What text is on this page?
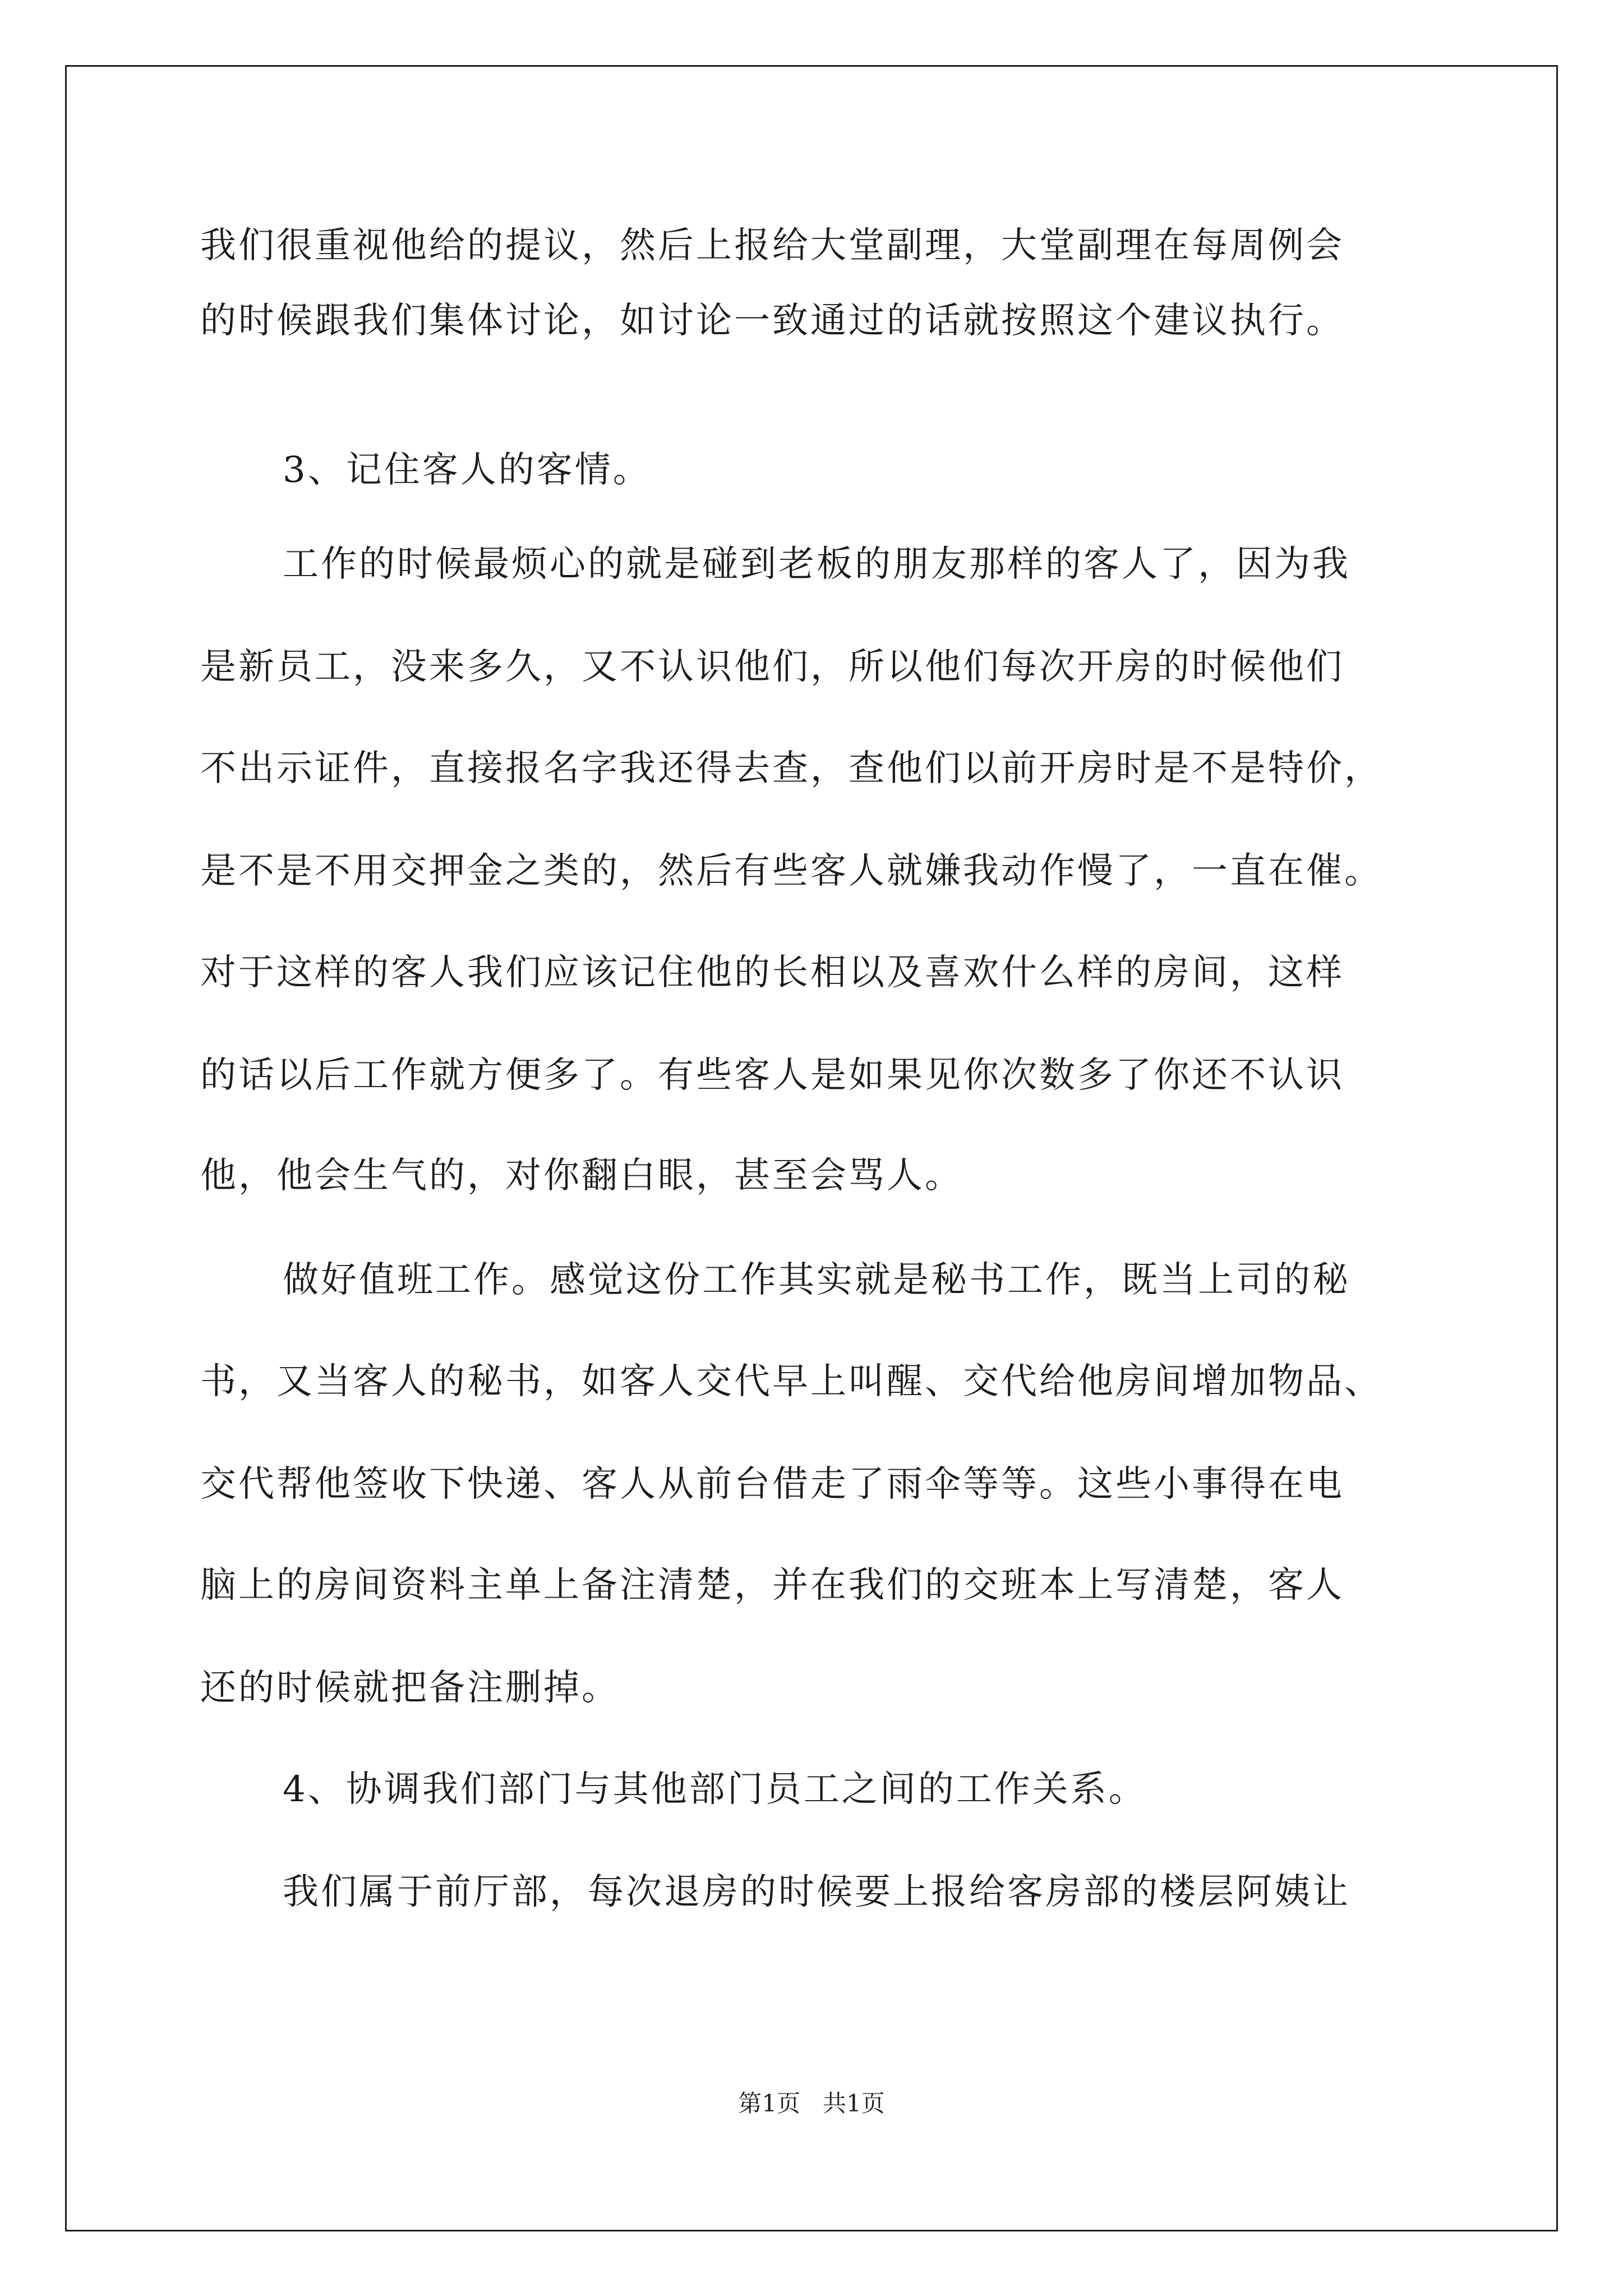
我们很重视他给的提议，然后上报给大堂副理，大堂副理在每周例会
的时候跟我们集体讨论，如讨论一致通过的话就按照这个建议执行。
3、记住客人的客情。
工作的时候最烦心的就是碰到老板的朋友那样的客人了，因为我
是新员工，没来多久，又不认识他们，所以他们每次开房的时候他们
不出示证件，直接报名字我还得去查，查他们以前开房时是不是特价，
是不是不用交押金之类的，然后有些客人就嫌我动作慢了，一直在催。
对于这样的客人我们应该记住他的长相以及喜欢什么样的房间，这样
的话以后工作就方便多了。有些客人是如果见你次数多了你还不认识
他，他会生气的，对你翻白眼，甚至会骂人。
做好值班工作。感觉这份工作其实就是秘书工作，既当上司的秘
书，又当客人的秘书，如客人交代早上叫醒、交代给他房间增加物品、
交代帮他签收下快递、客人从前台借走了雨伞等等。这些小事得在电
脑上的房间资料主单上备注清楚，并在我们的交班本上写清楚，客人
还的时候就把备注删掉。
4、协调我们部门与其他部门员工之间的工作关系。
我们属于前厅部，每次退房的时候要上报给客房部的楼层阿姨让
第1页   共1页
